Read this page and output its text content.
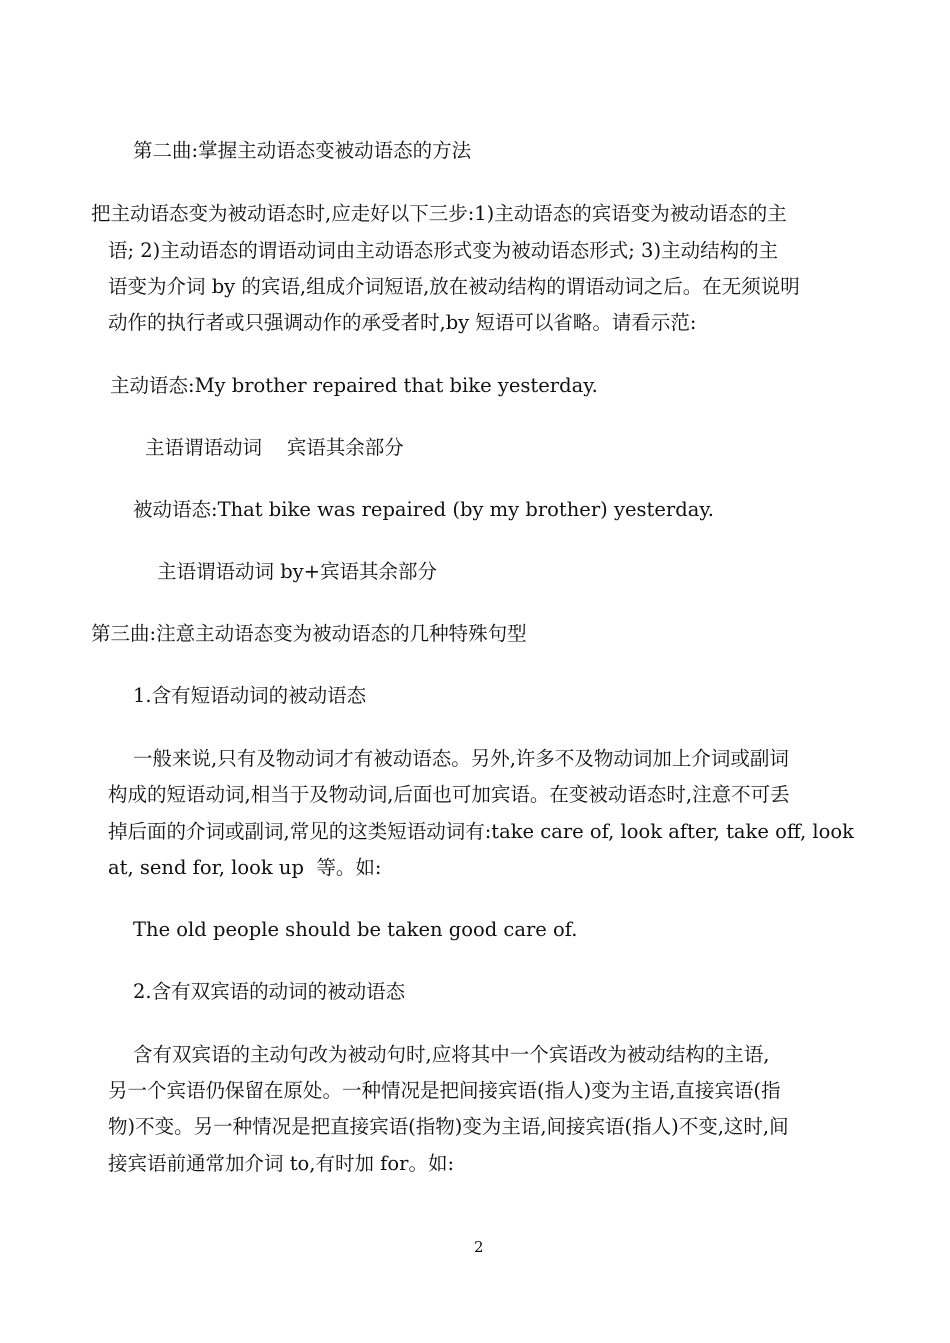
第二曲:掌握主动语态变被动语态的方法
把主动语态变为被动语态时,应走好以下三步:1)主动语态的宾语变为被动语态的主
语; 2)主动语态的谓语动词由主动语态形式变为被动语态形式; 3)主动结构的主
语变为介词 by 的宾语,组成介词短语,放在被动结构的谓语动词之后。在无须说明
动作的执行者或只强调动作的承受者时,by 短语可以省略。请看示范:
主动语态:My brother repaired that bike yesterday.
主语谓语动词    宾语其余部分
被动语态:That bike was repaired (by my brother) yesterday.
主语谓语动词 by+宾语其余部分
第三曲:注意主动语态变为被动语态的几种特殊句型
1.含有短语动词的被动语态
一般来说,只有及物动词才有被动语态。另外,许多不及物动词加上介词或副词
构成的短语动词,相当于及物动词,后面也可加宾语。在变被动语态时,注意不可丢
掉后面的介词或副词,常见的这类短语动词有:take care of, look after, take off, look
at, send for, look up  等。如:
The old people should be taken good care of.
2.含有双宾语的动词的被动语态
含有双宾语的主动句改为被动句时,应将其中一个宾语改为被动结构的主语,
另一个宾语仍保留在原处。一种情况是把间接宾语(指人)变为主语,直接宾语(指
物)不变。另一种情况是把直接宾语(指物)变为主语,间接宾语(指人)不变,这时,间
接宾语前通常加介词 to,有时加 for。如:
2
